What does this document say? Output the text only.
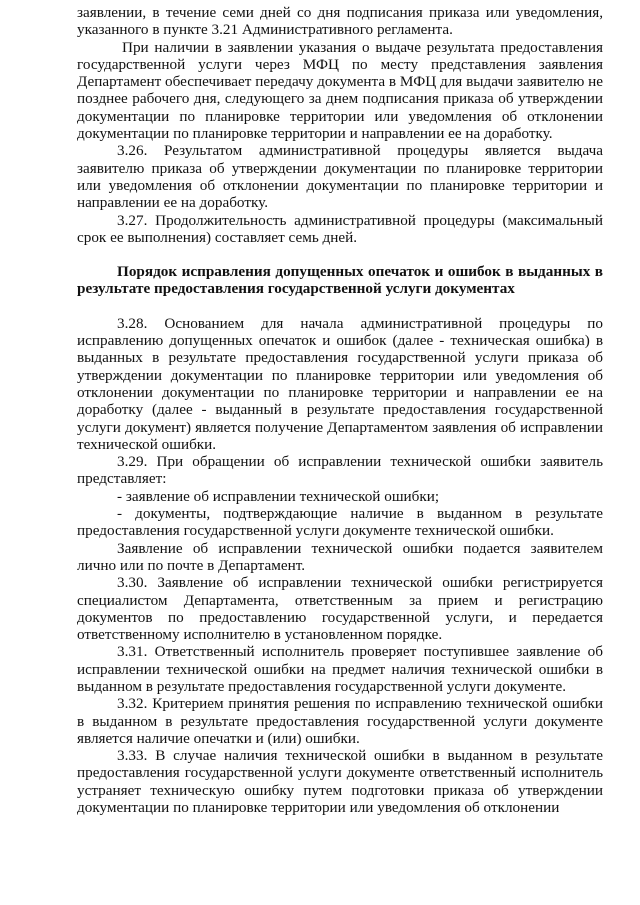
заявлении, в течение семи дней со дня подписания приказа или уведомления, указанного в пункте 3.21 Административного регламента.

При наличии в заявлении указания о выдаче результата предоставления государственной услуги через МФЦ по месту представления заявления Департамент обеспечивает передачу документа в МФЦ для выдачи заявителю не позднее рабочего дня, следующего за днем подписания приказа об утверждении документации по планировке территории или уведомления об отклонении документации по планировке территории и направлении ее на доработку.

3.26. Результатом административной процедуры является выдача заявителю приказа об утверждении документации по планировке территории или уведомления об отклонении документации по планировке территории и направлении ее на доработку.

3.27. Продолжительность административной процедуры (максимальный срок ее выполнения) составляет семь дней.

Порядок исправления допущенных опечаток и ошибок в выданных в результате предоставления государственной услуги документах

3.28. Основанием для начала административной процедуры по исправлению допущенных опечаток и ошибок (далее - техническая ошибка) в выданных в результате предоставления государственной услуги приказа об утверждении документации по планировке территории или уведомления об отклонении документации по планировке территории и направлении ее на доработку (далее - выданный в результате предоставления государственной услуги документ) является получение Департаментом заявления об исправлении технической ошибки.

3.29. При обращении об исправлении технической ошибки заявитель представляет:

- заявление об исправлении технической ошибки;

- документы, подтверждающие наличие в выданном в результате предоставления государственной услуги документе технической ошибки.

Заявление об исправлении технической ошибки подается заявителем лично или по почте в Департамент.

3.30. Заявление об исправлении технической ошибки регистрируется специалистом Департамента, ответственным за прием и регистрацию документов по предоставлению государственной услуги, и передается ответственному исполнителю в установленном порядке.

3.31. Ответственный исполнитель проверяет поступившее заявление об исправлении технической ошибки на предмет наличия технической ошибки в выданном в результате предоставления государственной услуги документе.

3.32. Критерием принятия решения по исправлению технической ошибки в выданном в результате предоставления государственной услуги документе является наличие опечатки и (или) ошибки.

3.33. В случае наличия технической ошибки в выданном в результате предоставления государственной услуги документе ответственный исполнитель устраняет техническую ошибку путем подготовки приказа об утверждении документации по планировке территории или уведомления об отклонении
